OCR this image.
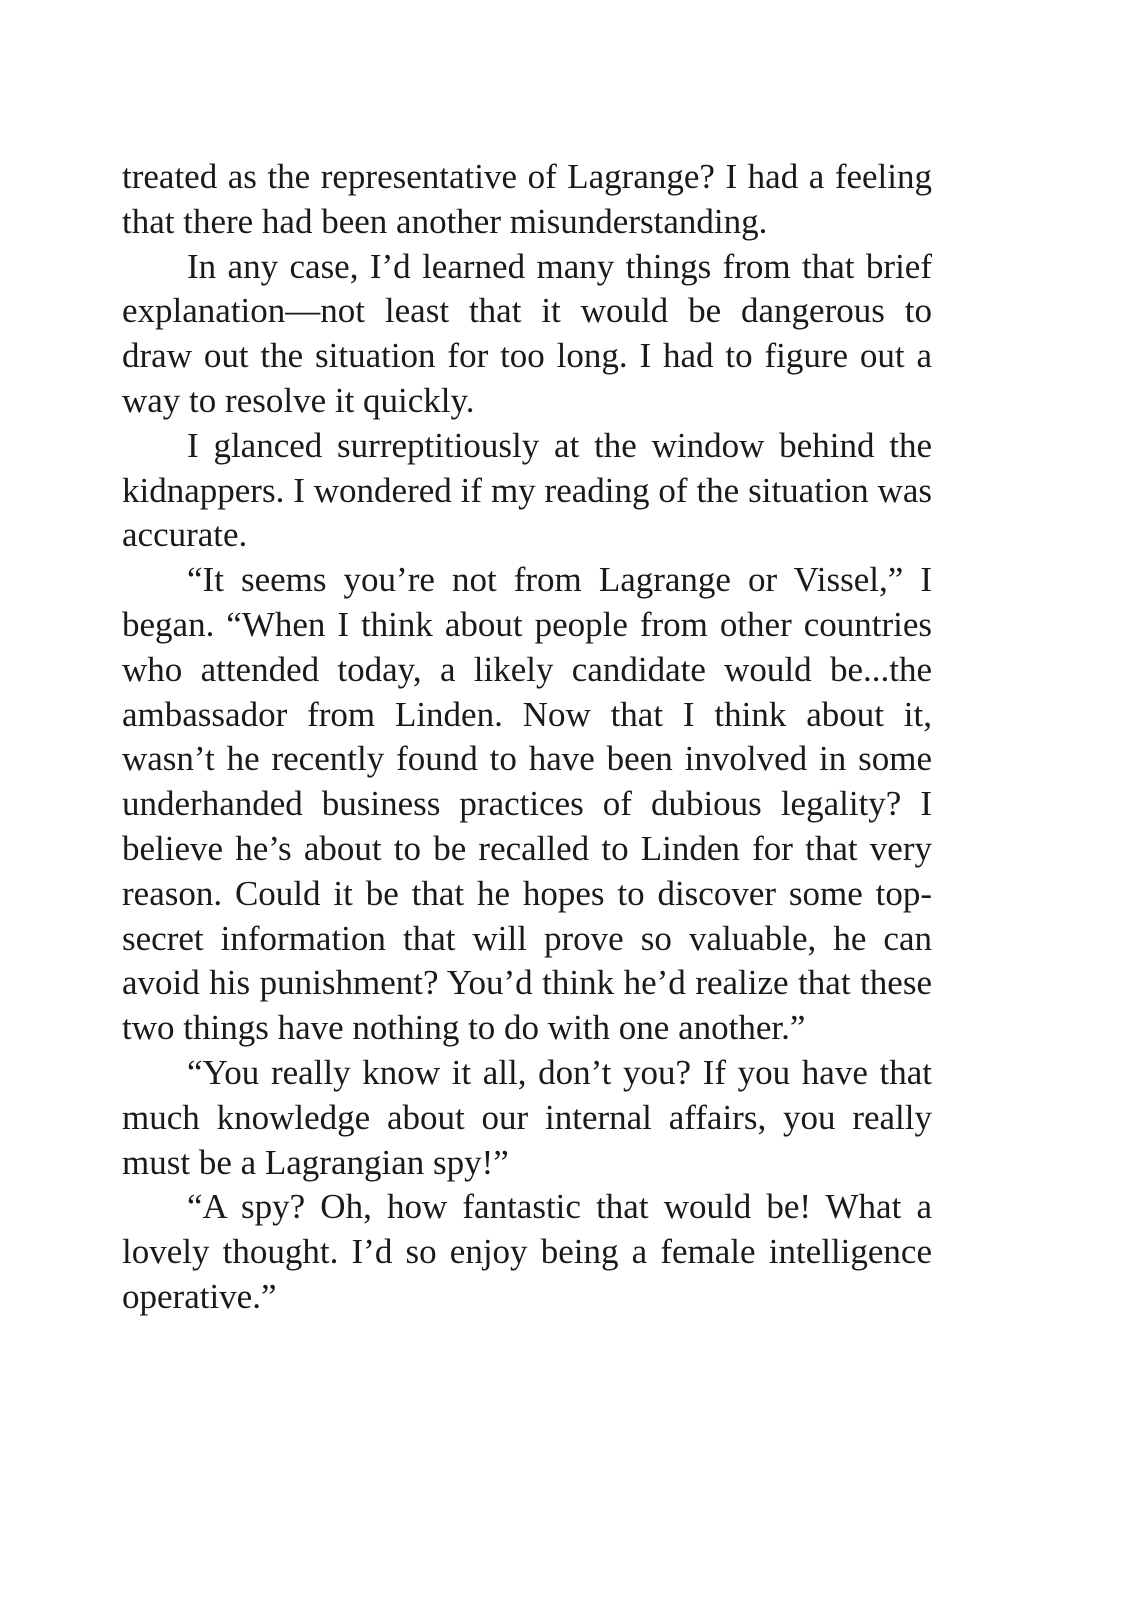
treated as the representative of Lagrange? I had a feeling that there had been another misunderstanding.

In any case, I’d learned many things from that brief explanation—not least that it would be dangerous to draw out the situation for too long. I had to figure out a way to resolve it quickly.

I glanced surreptitiously at the window behind the kidnappers. I wondered if my reading of the situation was accurate.

“It seems you’re not from Lagrange or Vissel,” I began. “When I think about people from other countries who attended today, a likely candidate would be...the ambassador from Linden. Now that I think about it, wasn’t he recently found to have been involved in some underhanded business practices of dubious legality? I believe he’s about to be recalled to Linden for that very reason. Could it be that he hopes to discover some top-secret information that will prove so valuable, he can avoid his punishment? You’d think he’d realize that these two things have nothing to do with one another.”

“You really know it all, don’t you? If you have that much knowledge about our internal affairs, you really must be a Lagrangian spy!”

“A spy? Oh, how fantastic that would be! What a lovely thought. I’d so enjoy being a female intelligence operative.”
